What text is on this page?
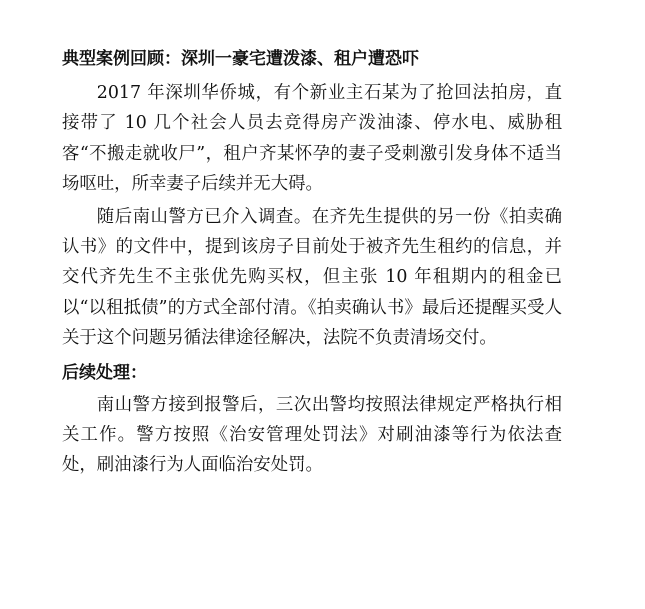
典型案例回顾：深圳一豪宅遭泼漆、租户遭恐吓

2017 年深圳华侨城，有个新业主石某为了抢回法拍房，直接带了 10 几个社会人员去竞得房产泼油漆、停水电、威胁租客“不搬走就收尸”，租户齐某怀孕的妻子受刺激引发身体不适当场呕吐，所幸妻子后续并无大碍。

随后南山警方已介入调查。在齐先生提供的另一份《拍卖确认书》的文件中，提到该房子目前处于被齐先生租约的信息，并交代齐先生不主张优先购买权，但主张 10 年租期内的租金已以“以租抵债”的方式全部付清。《拍卖确认书》最后还提醒买受人关于这个问题另循法律途径解决，法院不负责清场交付。

后续处理：

南山警方接到报警后，三次出警均按照法律规定严格执行相关工作。警方按照《治安管理处罚法》对刷油漆等行为依法查处，刷油漆行为人面临治安处罚。
